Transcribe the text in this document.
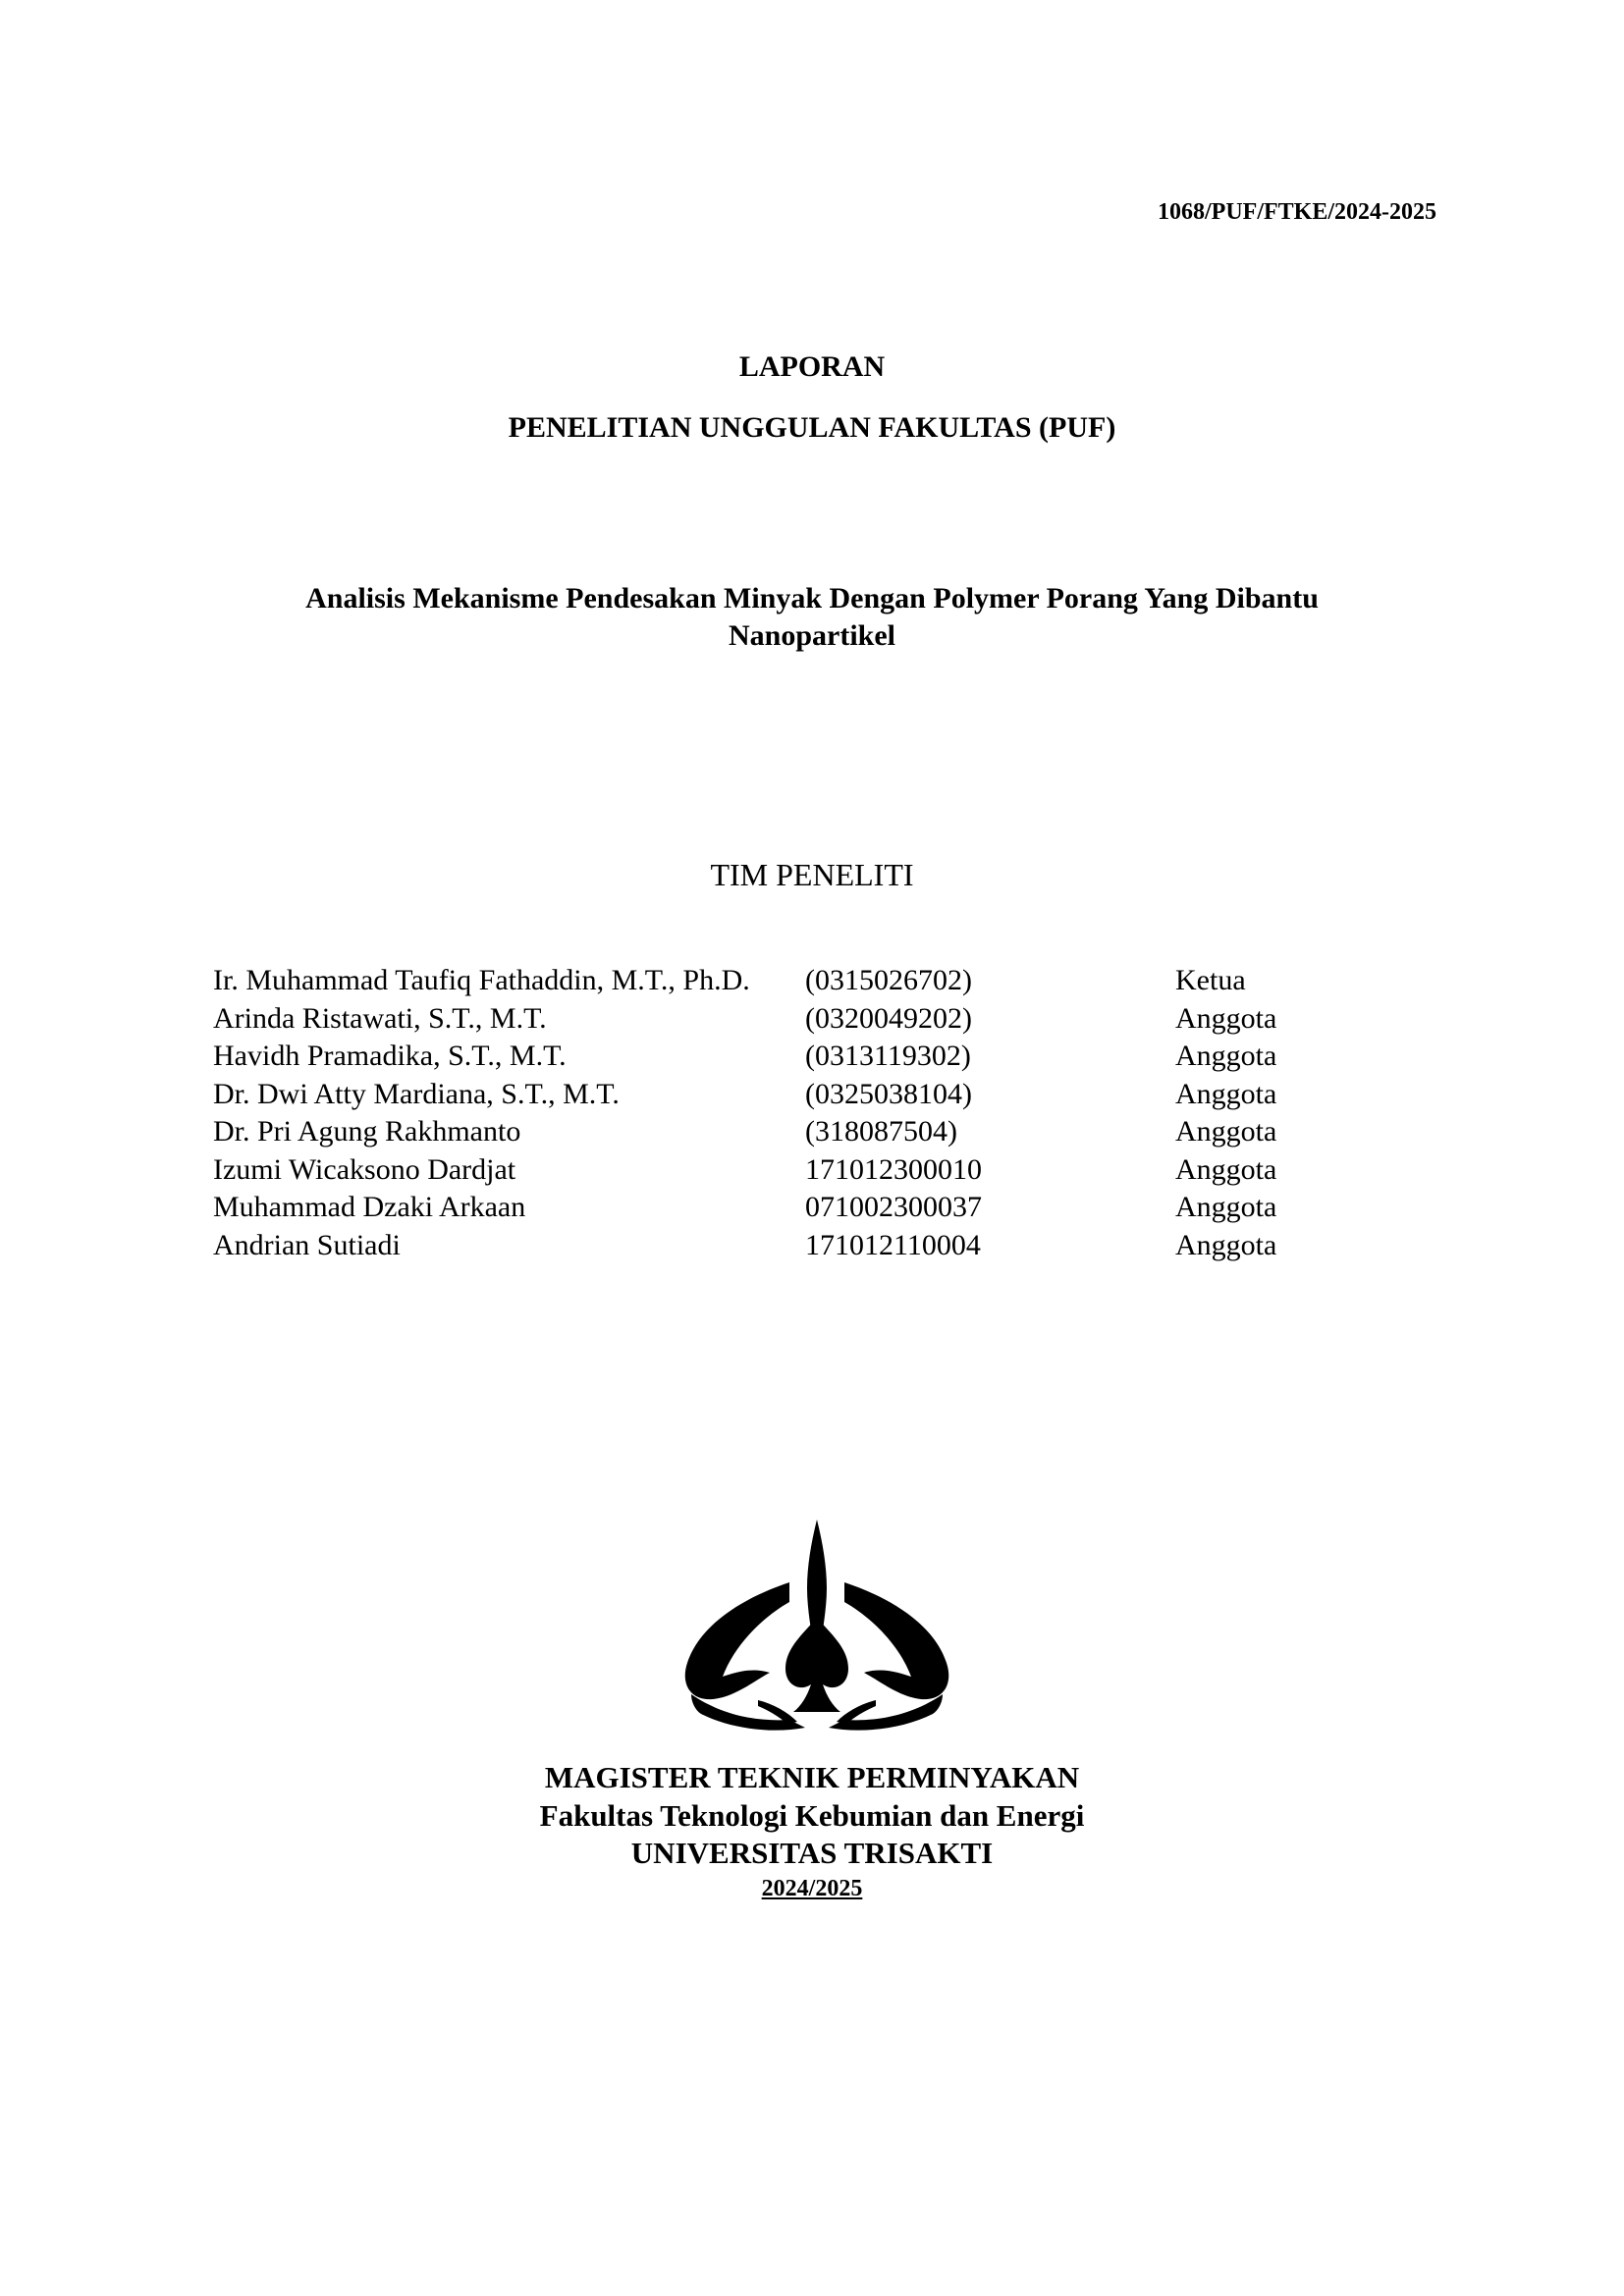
1068/PUF/FTKE/2024-2025
LAPORAN
PENELITIAN UNGGULAN FAKULTAS (PUF)
Analisis Mekanisme Pendesakan Minyak Dengan Polymer Porang Yang Dibantu Nanopartikel
TIM PENELITI
Ir. Muhammad Taufiq Fathaddin, M.T., Ph.D.	(0315026702)	Ketua
Arinda Ristawati, S.T., M.T.	(0320049202)	Anggota
Havidh Pramadika, S.T., M.T.	(0313119302)	Anggota
Dr. Dwi Atty Mardiana, S.T., M.T.	(0325038104)	Anggota
Dr. Pri Agung Rakhmanto	(318087504)	Anggota
Izumi Wicaksono Dardjat	171012300010	Anggota
Muhammad Dzaki Arkaan	071002300037	Anggota
Andrian Sutiadi	171012110004	Anggota
MAGISTER TEKNIK PERMINYAKAN
Fakultas Teknologi Kebumian dan Energi
UNIVERSITAS TRISAKTI
2024/2025
